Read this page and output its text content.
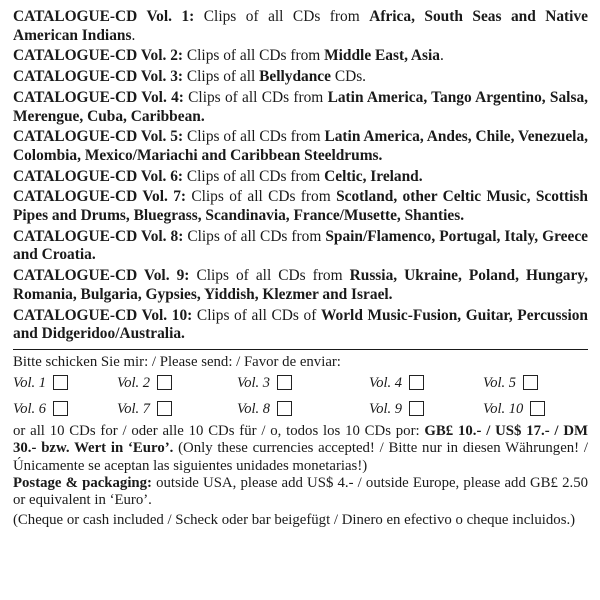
CATALOGUE-CD Vol. 1: Clips of all CDs from Africa, South Seas and Native American Indians.

CATALOGUE-CD Vol. 2: Clips of all CDs from Middle East, Asia.

CATALOGUE-CD Vol. 3: Clips of all Bellydance CDs.

CATALOGUE-CD Vol. 4: Clips of all CDs from Latin America, Tango Argentino, Salsa, Merengue, Cuba, Caribbean.

CATALOGUE-CD Vol. 5: Clips of all CDs from Latin America, Andes, Chile, Venezuela, Colombia, Mexico/Mariachi and Caribbean Steeldrums.

CATALOGUE-CD Vol. 6: Clips of all CDs from Celtic, Ireland.

CATALOGUE-CD Vol. 7: Clips of all CDs from Scotland, other Celtic Music, Scottish Pipes and Drums, Bluegrass, Scandinavia, France/Musette, Shanties.

CATALOGUE-CD Vol. 8: Clips of all CDs from Spain/Flamenco, Portugal, Italy, Greece and Croatia.

CATALOGUE-CD Vol. 9: Clips of all CDs from Russia, Ukraine, Poland, Hungary, Romania, Bulgaria, Gypsies, Yiddish, Klezmer and Israel.

CATALOGUE-CD Vol. 10: Clips of all CDs of World Music-Fusion, Guitar, Percussion and Didgeridoo/Australia.

Bitte schicken Sie mir: / Please send: / Favor de enviar:
Vol. 1	Vol. 2	Vol. 3	Vol. 4	Vol. 5
Vol. 6	Vol. 7	Vol. 8	Vol. 9	Vol. 10

or all 10 CDs for / oder alle 10 CDs für / o, todos los 10 CDs por: GB£ 10.- / US$ 17.- / DM 30.- bzw. Wert in ‘Euro’. (Only these currencies accepted! / Bitte nur in diesen Währungen! / Únicamente se aceptan las siguientes unidades monetarias!)

Postage & packaging: outside USA, please add US$ 4.- / outside Europe, please add GB£ 2.50 or equivalent in ‘Euro’.

(Cheque or cash included / Scheck oder bar beigefügt / Dinero en efectivo o cheque incluidos.)
